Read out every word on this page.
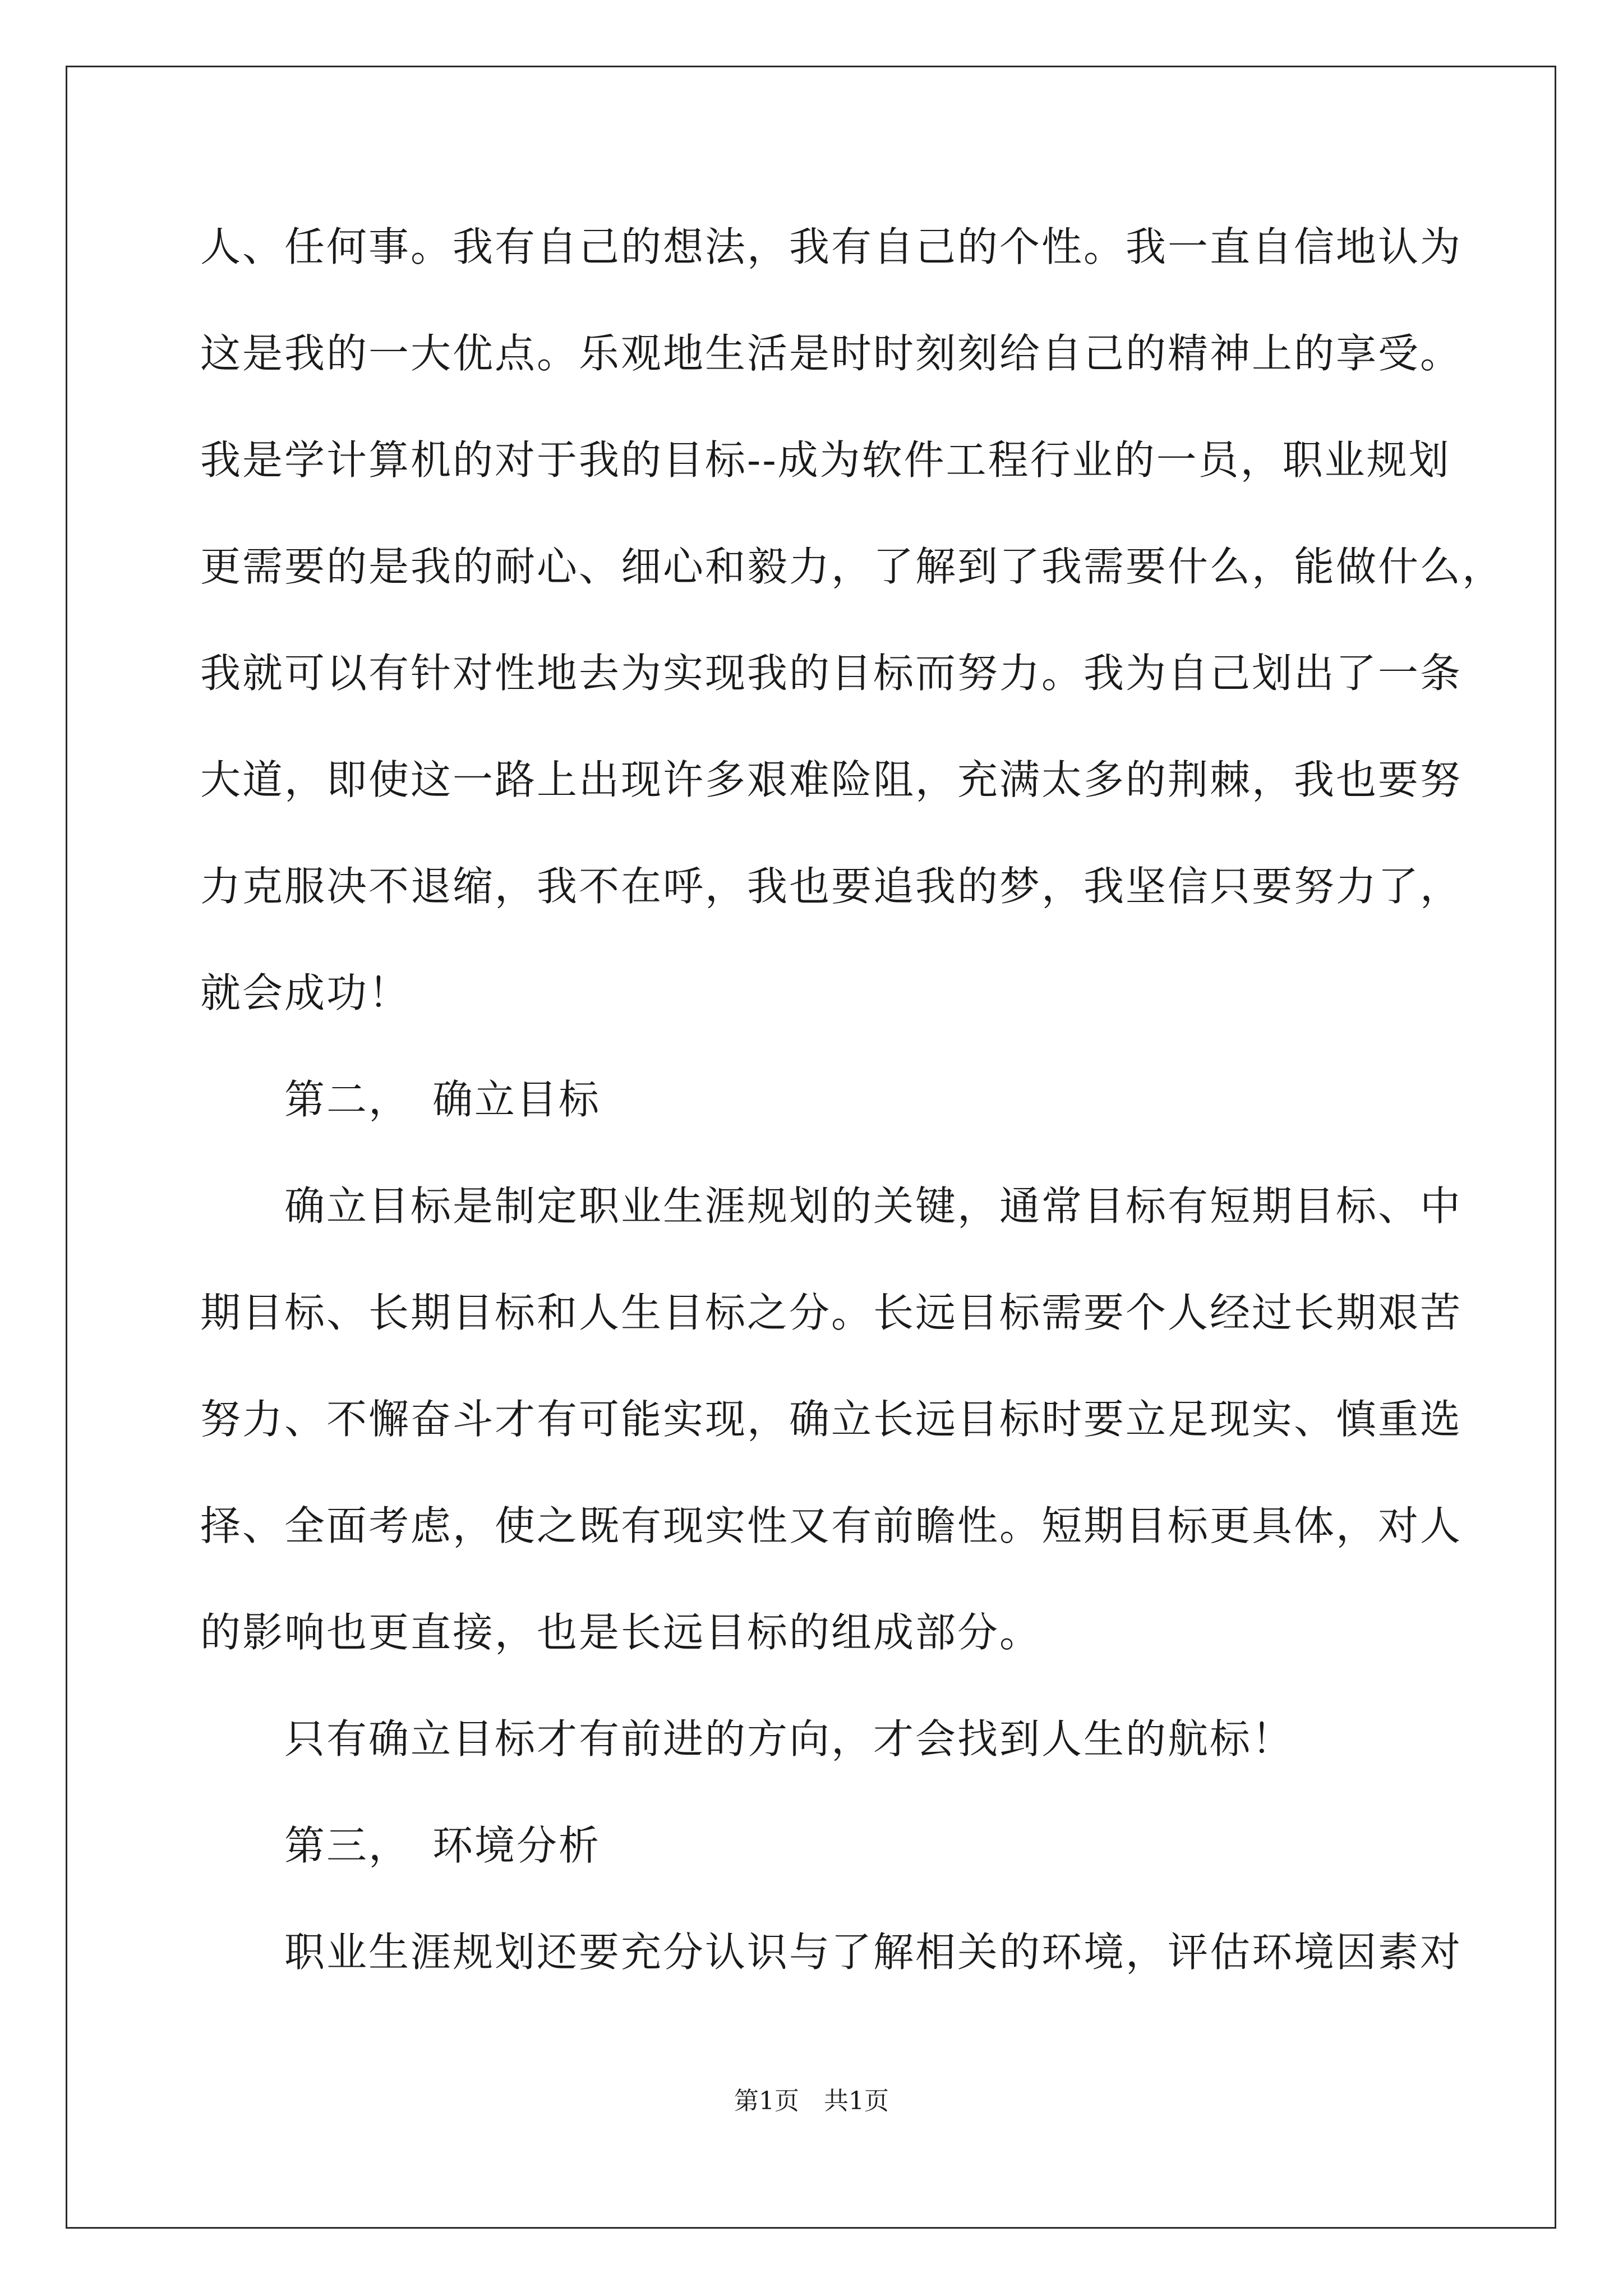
人、任何事。我有自己的想法，我有自己的个性。我一直自信地认为
这是我的一大优点。乐观地生活是时时刻刻给自己的精神上的享受。
我是学计算机的对于我的目标--成为软件工程行业的一员，职业规划
更需要的是我的耐心、细心和毅力，了解到了我需要什么，能做什么，
我就可以有针对性地去为实现我的目标而努力。我为自己划出了一条
大道，即使这一路上出现许多艰难险阻，充满太多的荆棘，我也要努
力克服决不退缩，我不在呼，我也要追我的梦，我坚信只要努力了，
就会成功！
第二，　确立目标
确立目标是制定职业生涯规划的关键，通常目标有短期目标、中
期目标、长期目标和人生目标之分。长远目标需要个人经过长期艰苦
努力、不懈奋斗才有可能实现，确立长远目标时要立足现实、慎重选
择、全面考虑，使之既有现实性又有前瞻性。短期目标更具体，对人
的影响也更直接，也是长远目标的组成部分。
只有确立目标才有前进的方向，才会找到人生的航标！
第三，　环境分析
职业生涯规划还要充分认识与了解相关的环境，评估环境因素对
第1页 共1页
